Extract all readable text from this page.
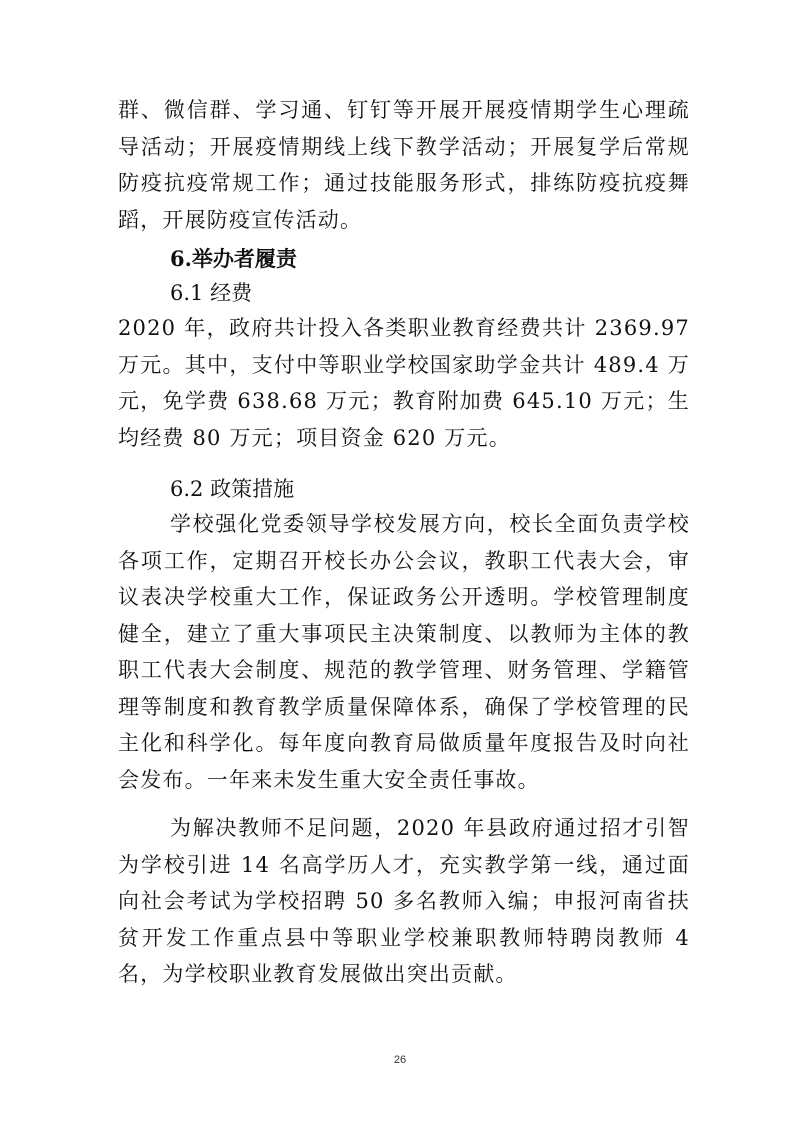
群、微信群、学习通、钉钉等开展开展疫情期学生心理疏导活动；开展疫情期线上线下教学活动；开展复学后常规防疫抗疫常规工作；通过技能服务形式，排练防疫抗疫舞蹈，开展防疫宣传活动。

6.举办者履责
6.1 经费

2020 年，政府共计投入各类职业教育经费共计 2369.97 万元。其中，支付中等职业学校国家助学金共计 489.4 万元，免学费 638.68 万元；教育附加费 645.10 万元；生均经费 80 万元；项目资金 620 万元。

6.2 政策措施

学校强化党委领导学校发展方向，校长全面负责学校各项工作，定期召开校长办公会议，教职工代表大会，审议表决学校重大工作，保证政务公开透明。学校管理制度健全，建立了重大事项民主决策制度、以教师为主体的教职工代表大会制度、规范的教学管理、财务管理、学籍管理等制度和教育教学质量保障体系，确保了学校管理的民主化和科学化。每年度向教育局做质量年度报告及时向社会发布。一年来未发生重大安全责任事故。

为解决教师不足问题，2020 年县政府通过招才引智为学校引进 14 名高学历人才，充实教学第一线，通过面向社会考试为学校招聘 50 多名教师入编；申报河南省扶贫开发工作重点县中等职业学校兼职教师特聘岗教师 4 名，为学校职业教育发展做出突出贡献。

26
